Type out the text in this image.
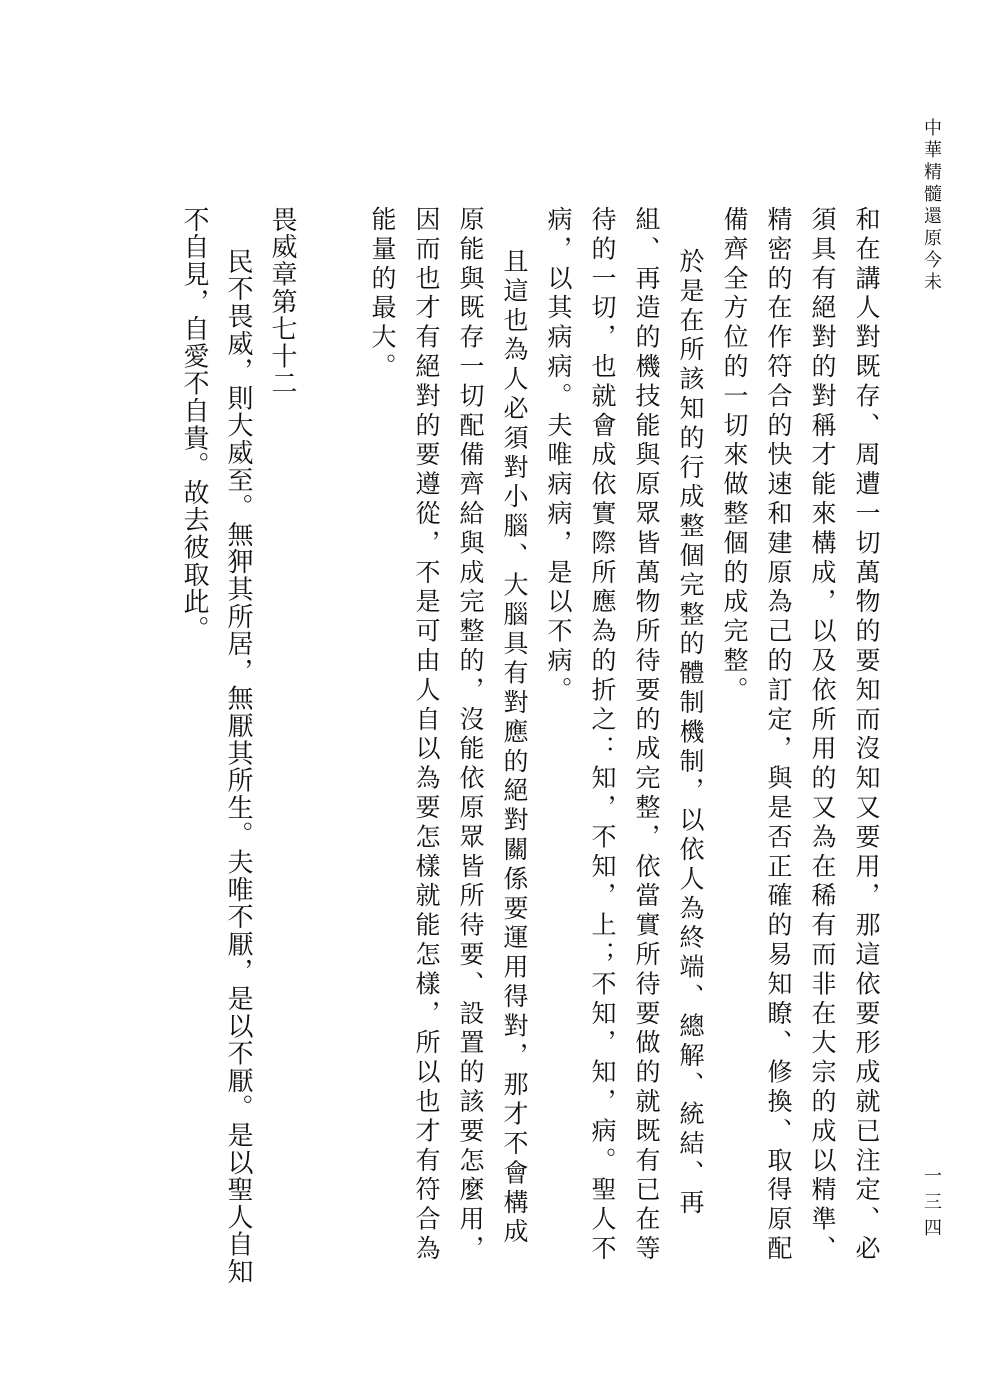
中華精髓還原今未
一三四
和在講人對既存、周遭一切萬物的要知而沒知又要用，那這依要形成就已注定、必
須具有絕對的對稱才能來構成，以及依所用的又為在稀有而非在大宗的成以精準、
精密的在作符合的快速和建原為己的訂定，與是否正確的易知瞭、修換、取得原配
備齊全方位的一切來做整個的成完整。
於是在所該知的行成整個完整的體制機制，以依人為終端、總解、統結、再
組、再造的機技能與原眾皆萬物所待要的成完整，依當實所待要做的就既有已在等
待的一切，也就會成依實際所應為的折之：知，不知，上；不知，知，病。聖人不
病，以其病病。夫唯病病，是以不病。
且這也為人必須對小腦、大腦具有對應的絕對關係要運用得對，那才不會構成
原能與既存一切配備齊給與成完整的，沒能依原眾皆所待要、設置的該要怎麼用，
因而也才有絕對的要遵從，不是可由人自以為要怎樣就能怎樣，所以也才有符合為
能量的最大。
畏威章第七十二
民不畏威，則大威至。無狎其所居，無厭其所生。夫唯不厭，是以不厭。是以聖人自知
不自見，自愛不自貴。故去彼取此。
